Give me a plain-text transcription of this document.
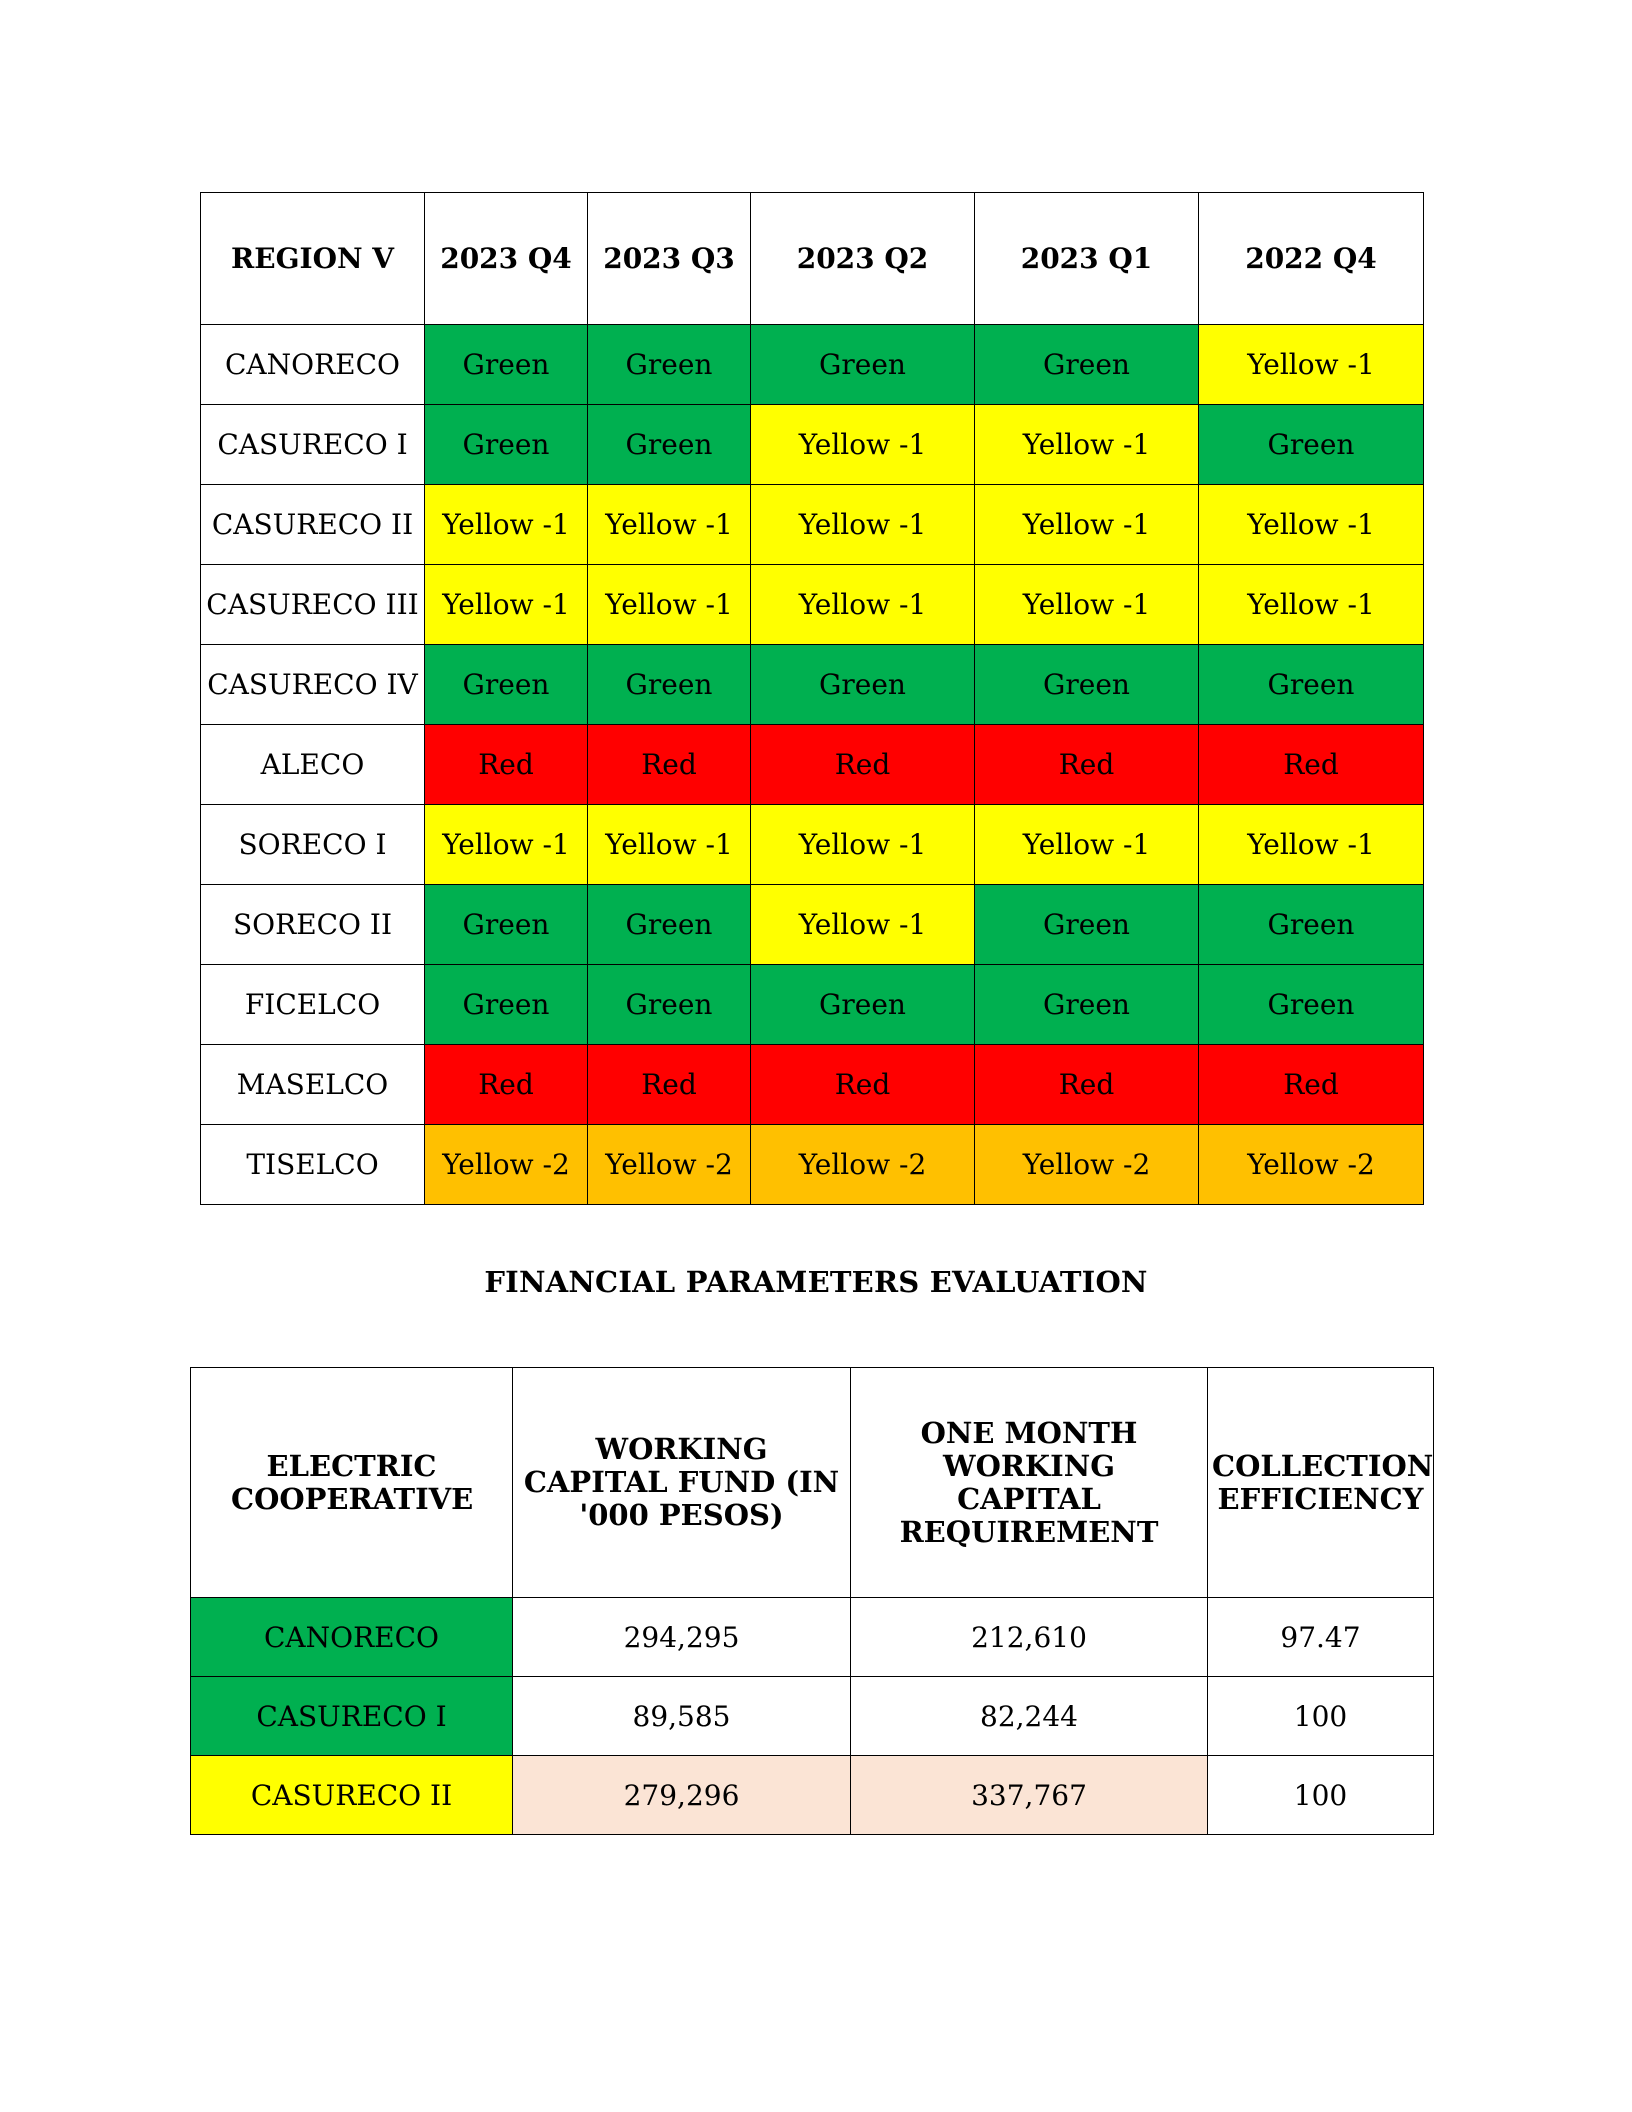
REGION V	2023 Q4	2023 Q3	2023 Q2	2023 Q1	2022 Q4
CANORECO	Green	Green	Green	Green	Yellow -1
CASURECO I	Green	Green	Yellow -1	Yellow -1	Green
CASURECO II	Yellow -1	Yellow -1	Yellow -1	Yellow -1	Yellow -1
CASURECO III	Yellow -1	Yellow -1	Yellow -1	Yellow -1	Yellow -1
CASURECO IV	Green	Green	Green	Green	Green
ALECO	Red	Red	Red	Red	Red
SORECO I	Yellow -1	Yellow -1	Yellow -1	Yellow -1	Yellow -1
SORECO II	Green	Green	Yellow -1	Green	Green
FICELCO	Green	Green	Green	Green	Green
MASELCO	Red	Red	Red	Red	Red
TISELCO	Yellow -2	Yellow -2	Yellow -2	Yellow -2	Yellow -2
FINANCIAL PARAMETERS EVALUATION
ELECTRIC COOPERATIVE	WORKING CAPITAL FUND (IN '000 PESOS)	ONE MONTH WORKING CAPITAL REQUIREMENT	COLLECTION EFFICIENCY
CANORECO	294,295	212,610	97.47
CASURECO I	89,585	82,244	100
CASURECO II	279,296	337,767	100
